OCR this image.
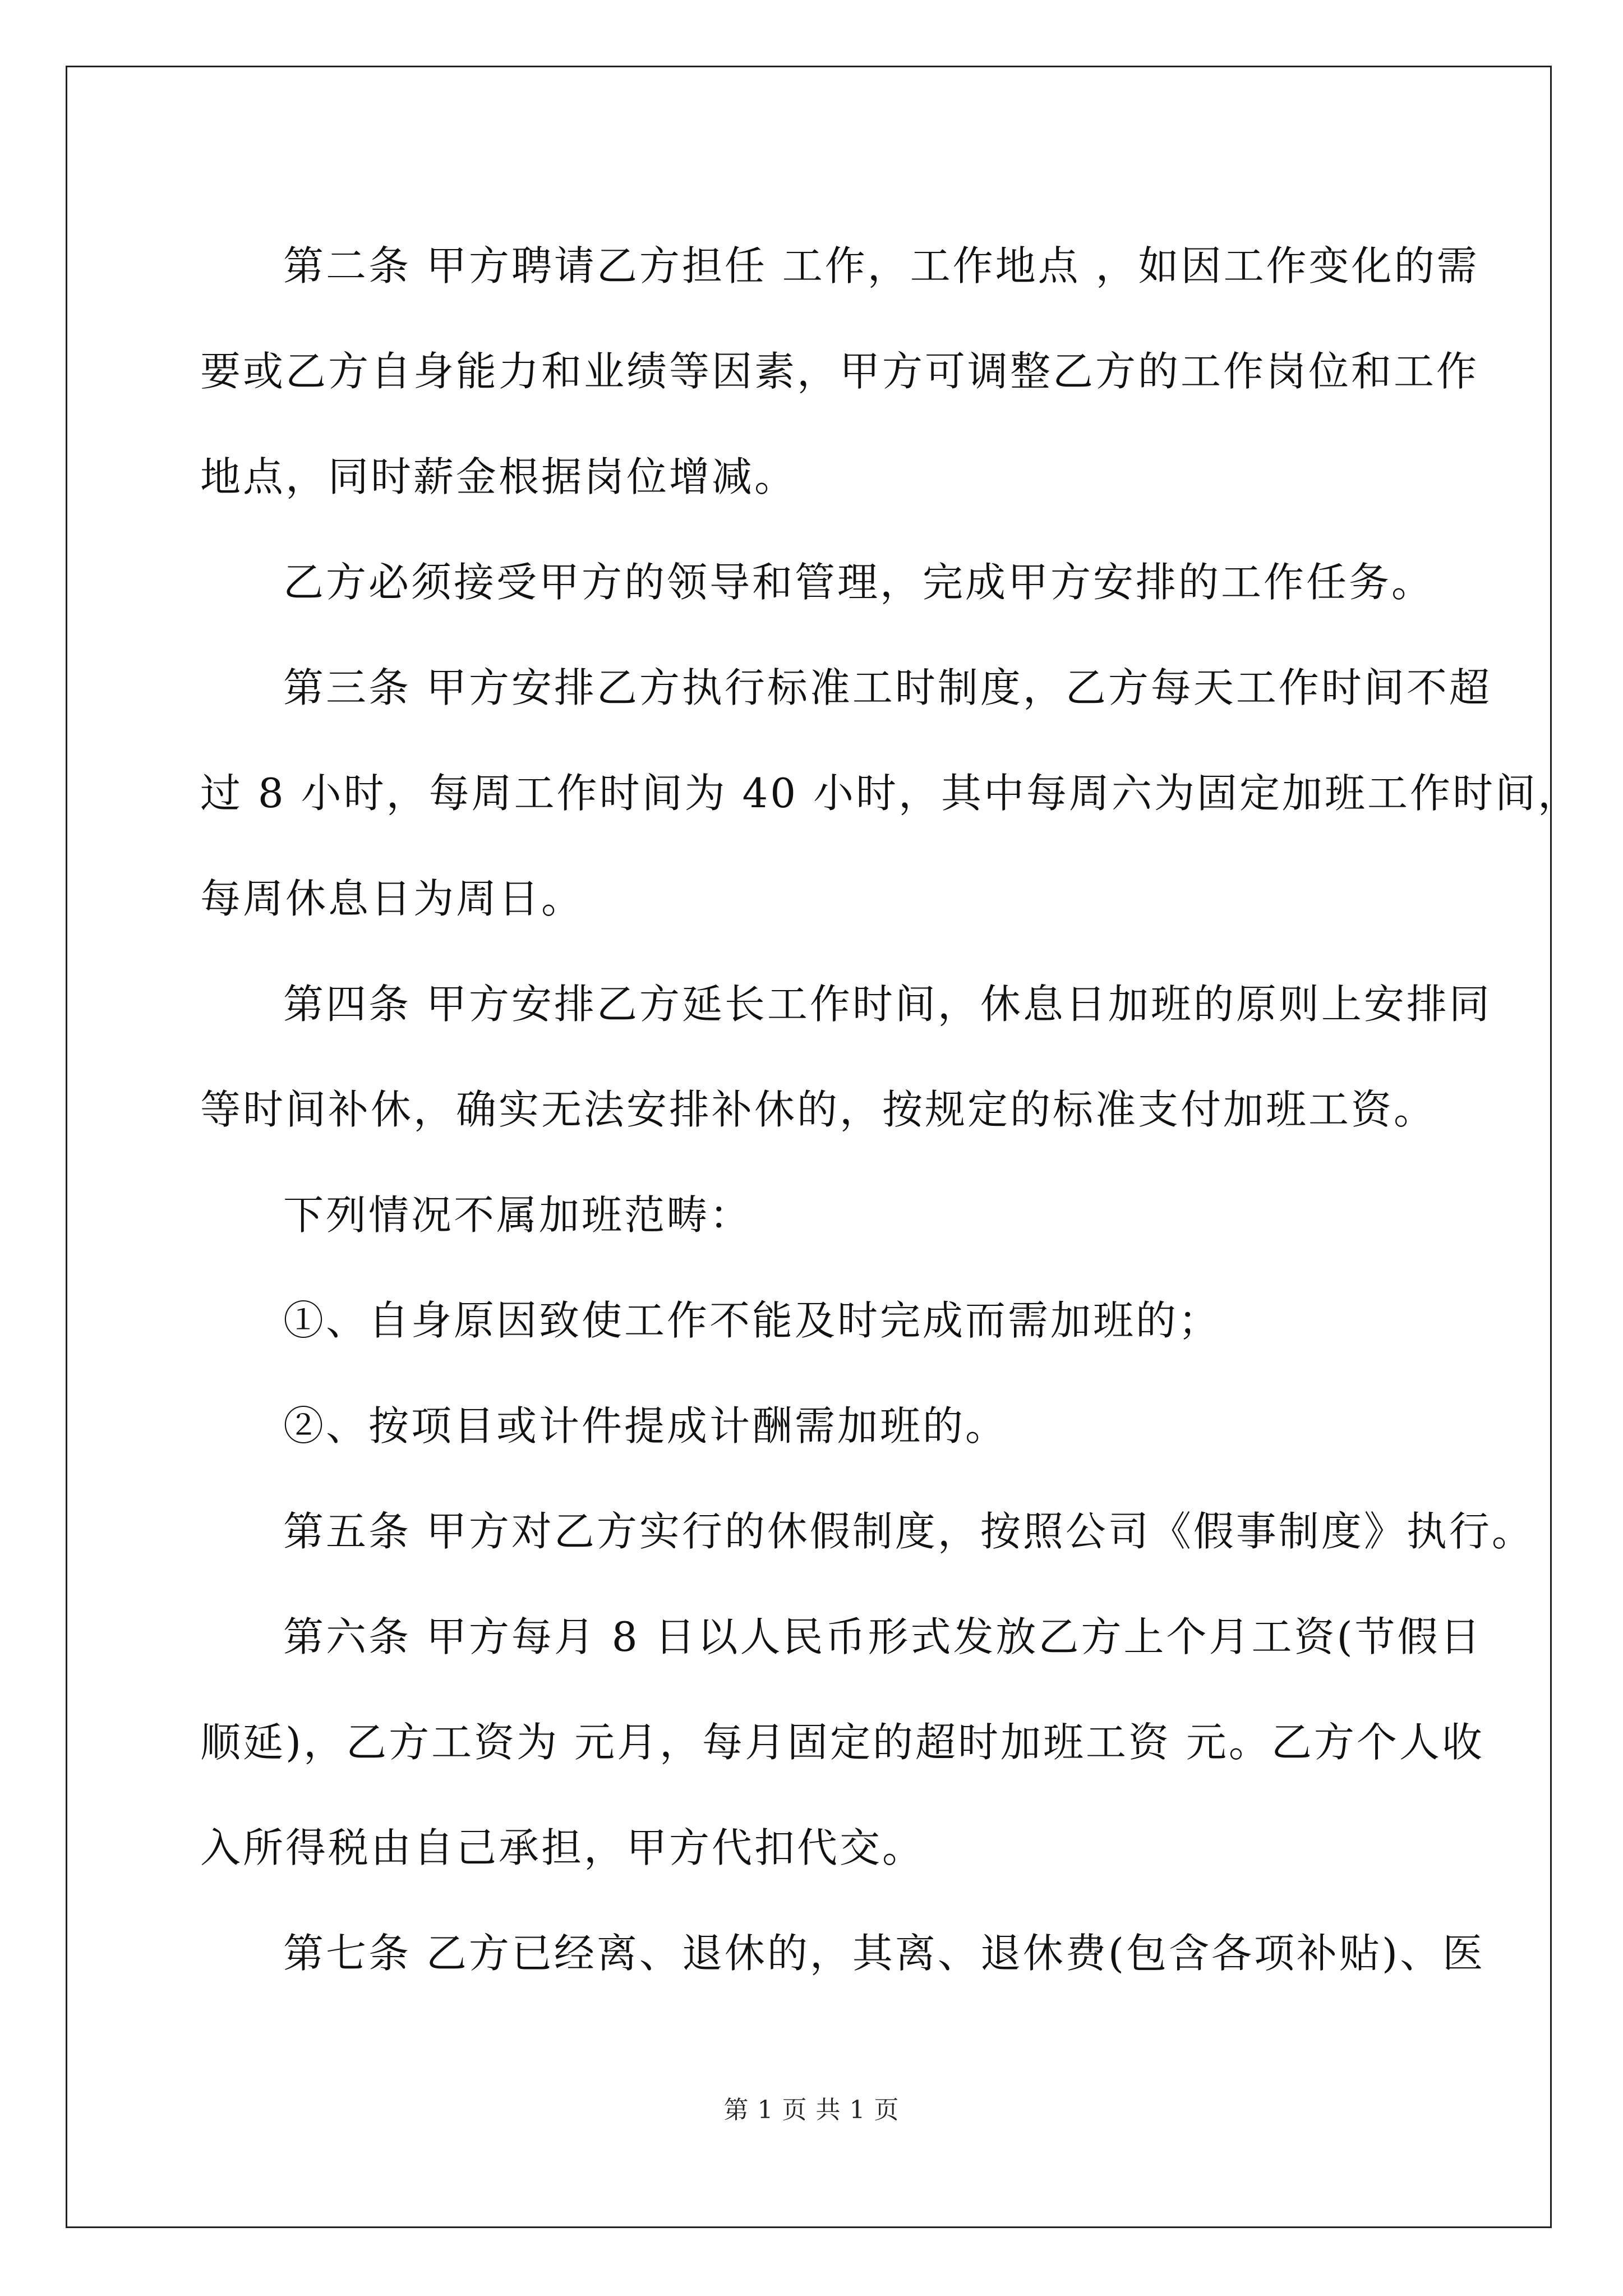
第二条 甲方聘请乙方担任 工作，工作地点 ，如因工作变化的需

要或乙方自身能力和业绩等因素，甲方可调整乙方的工作岗位和工作

地点，同时薪金根据岗位增减。

乙方必须接受甲方的领导和管理，完成甲方安排的工作任务。

第三条 甲方安排乙方执行标准工时制度，乙方每天工作时间不超

过 8 小时，每周工作时间为 40 小时，其中每周六为固定加班工作时间，

每周休息日为周日。

第四条 甲方安排乙方延长工作时间，休息日加班的原则上安排同

等时间补休，确实无法安排补休的，按规定的标准支付加班工资。

下列情况不属加班范畴：

①、自身原因致使工作不能及时完成而需加班的；

②、按项目或计件提成计酬需加班的。

第五条 甲方对乙方实行的休假制度，按照公司《假事制度》执行。

第六条 甲方每月 8 日以人民币形式发放乙方上个月工资(节假日

顺延)，乙方工资为 元月，每月固定的超时加班工资 元。乙方个人收

入所得税由自己承担，甲方代扣代交。

第七条 乙方已经离、退休的，其离、退休费(包含各项补贴)、医

第 1 页 共 1 页
